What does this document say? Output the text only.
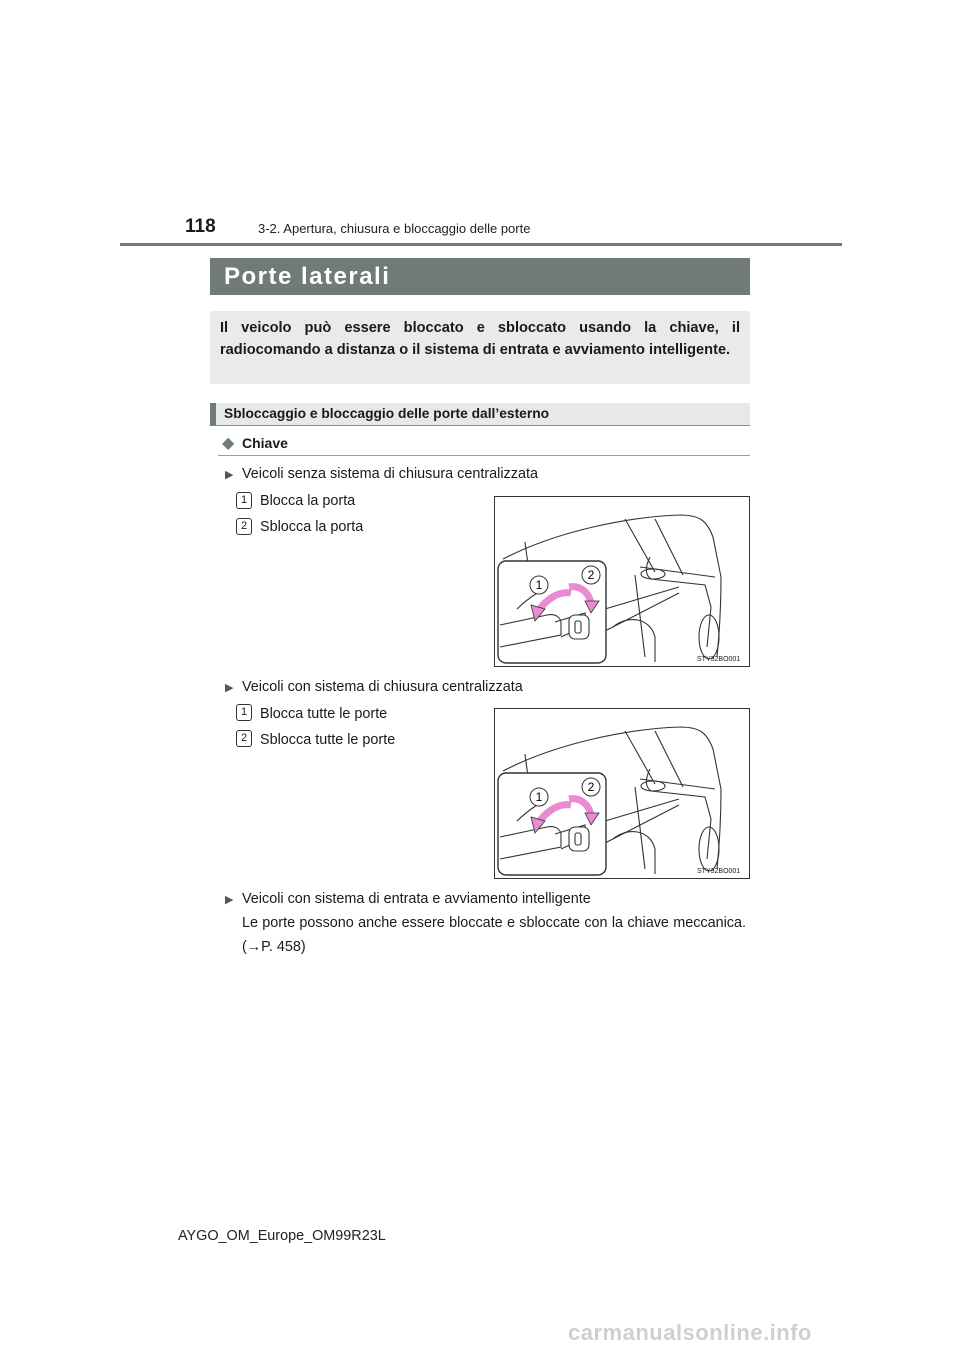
118	3-2. Apertura, chiusura e bloccaggio delle porte
Porte laterali
Il veicolo può essere bloccato e sbloccato usando la chiave, il radiocomando a distanza o il sistema di entrata e avviamento intelligente.
Sbloccaggio e bloccaggio delle porte dall’esterno
◆ Chiave
▶ Veicoli senza sistema di chiusura centralizzata
1 Blocca la porta
2 Sblocca la porta
1
2
STY32BO001
▶ Veicoli con sistema di chiusura centralizzata
1 Blocca tutte le porte
2 Sblocca tutte le porte
1
2
STY32BO001
▶ Veicoli con sistema di entrata e avviamento intelligente
Le porte possono anche essere bloccate e sbloccate con la chiave meccanica. (→P. 458)
AYGO_OM_Europe_OM99R23L
carmanualsonline.info
